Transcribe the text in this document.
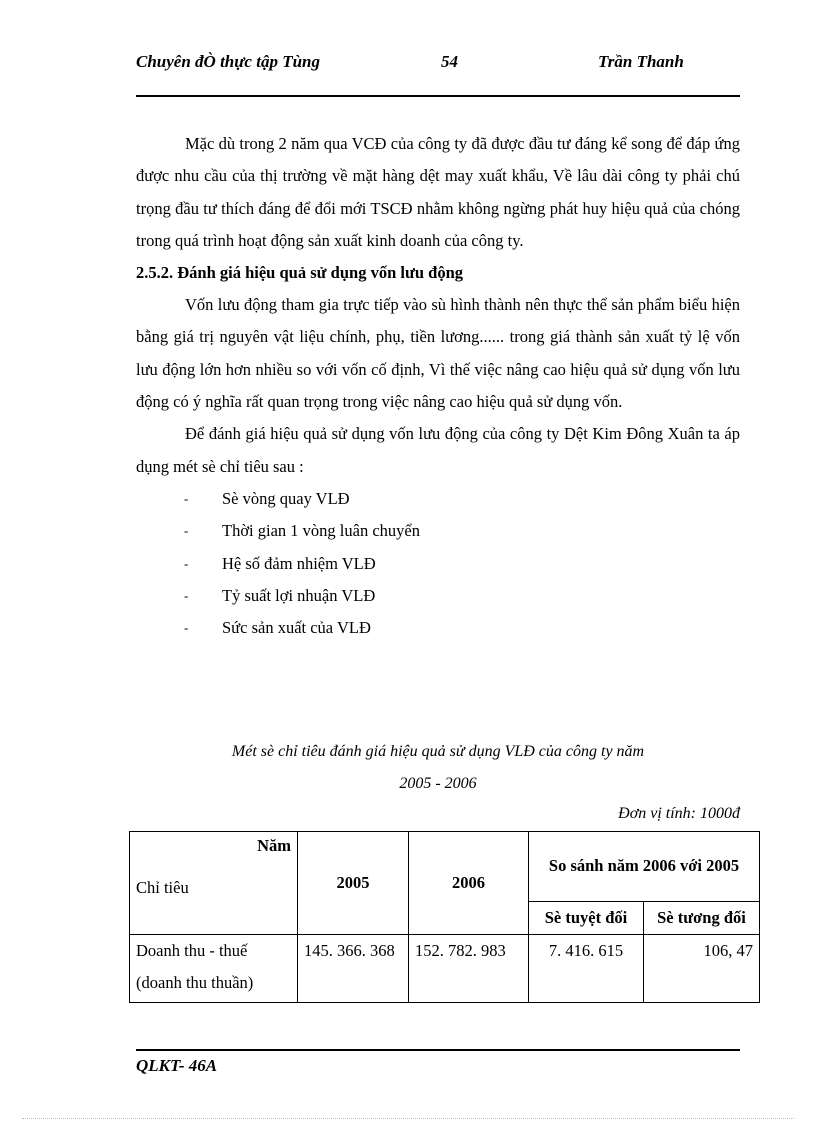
Chuyên đÒ thực tập Tùng	54	Trần Thanh

Mặc dù trong 2 năm qua VCĐ của công ty đã được đầu tư đáng kể song để đáp ứng được nhu cầu của thị trường về mặt hàng dệt may xuất khẩu, Về lâu dài công ty phải chú trọng đầu tư thích đáng để đổi mới TSCĐ nhằm không ngừng phát huy hiệu quả của chóng trong quá trình hoạt động sản xuất kinh doanh của công ty.

2.5.2. Đánh giá hiệu quả sử dụng vốn lưu động

Vốn lưu động tham gia trực tiếp vào sù hình thành nên thực thể sản phẩm biểu hiện bằng giá trị nguyên vật liệu chính, phụ, tiền lương...... trong giá thành sản xuất tỷ lệ vốn lưu động lớn hơn nhiều so với vốn cố định, Vì thế việc nâng cao hiệu quả sử dụng vốn lưu động có ý nghĩa rất quan trọng trong việc nâng cao hiệu quả sử dụng vốn.

Để đánh giá hiệu quả sử dụng vốn lưu động của công ty Dệt Kim Đông Xuân ta áp dụng mét sè chỉ tiêu sau :

- Sè vòng quay VLĐ
- Thời gian 1 vòng luân chuyển
- Hệ số đảm nhiệm VLĐ
- Tỷ suất lợi nhuận VLĐ
- Sức sản xuất của VLĐ
Mét sè chỉ tiêu đánh giá hiệu quả sử dụng VLĐ của công ty năm
2005 - 2006
Đơn vị tính: 1000đ
Năm
Chỉ tiêu	2005	2006	So sánh năm 2006 với 2005	
			Sè tuyệt đối	Sè tương đối
Doanh thu - thuế (doanh thu thuần)	145. 366. 368	152. 782. 983	7. 416. 615	106, 47
QLKT- 46A
